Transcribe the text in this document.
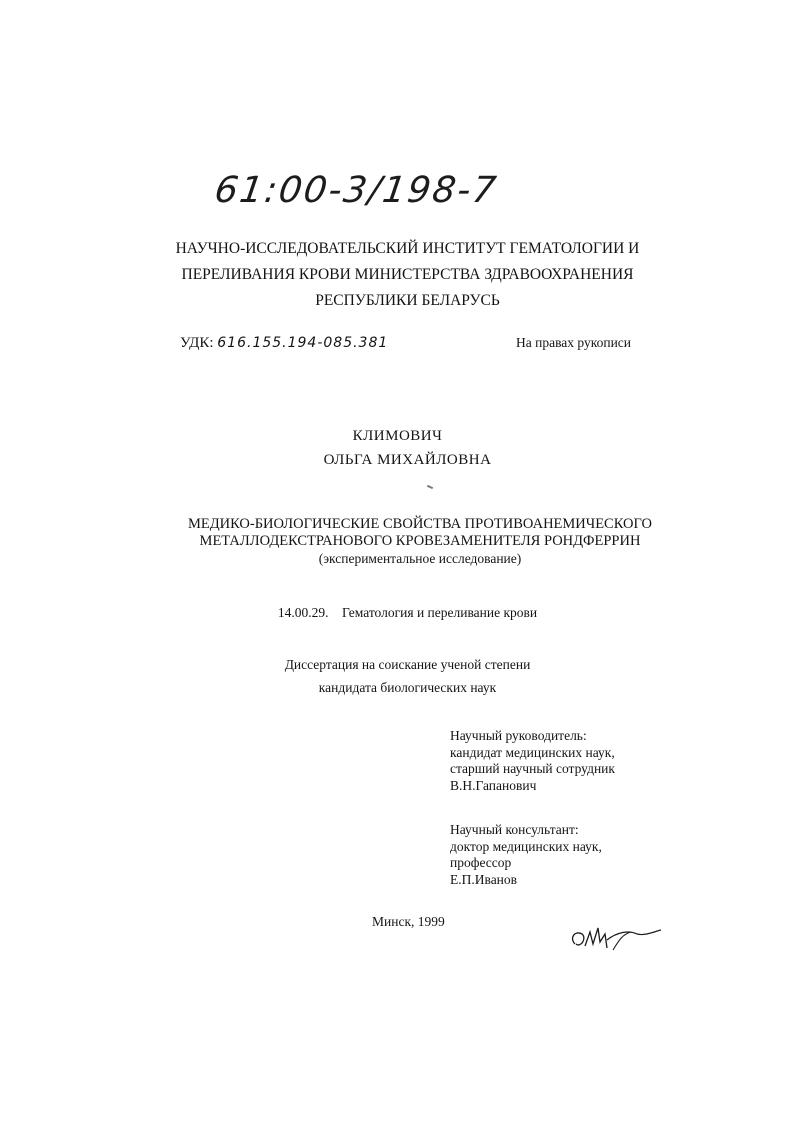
61:00-3/198-7
НАУЧНО-ИССЛЕДОВАТЕЛЬСКИЙ ИНСТИТУТ ГЕМАТОЛОГИИ И
ПЕРЕЛИВАНИЯ КРОВИ МИНИСТЕРСТВА ЗДРАВООХРАНЕНИЯ
РЕСПУБЛИКИ БЕЛАРУСЬ
УДК: 616.155.194-085.381	На правах рукописи
КЛИМОВИЧ
ОЛЬГА МИХАЙЛОВНА
МЕДИКО-БИОЛОГИЧЕСКИЕ СВОЙСТВА ПРОТИВОАНЕМИЧЕСКОГО
МЕТАЛЛОДЕКСТРАНОВОГО КРОВЕЗАМЕНИТЕЛЯ РОНДФЕРРИН
(экспериментальное исследование)
14.00.29. Гематология и переливание крови
Диссертация на соискание ученой степени
кандидата биологических наук
Научный руководитель:
кандидат медицинских наук,
старший научный сотрудник
В.Н.Гапанович
Научный консультант:
доктор медицинских наук,
профессор
Е.П.Иванов
Минск, 1999
